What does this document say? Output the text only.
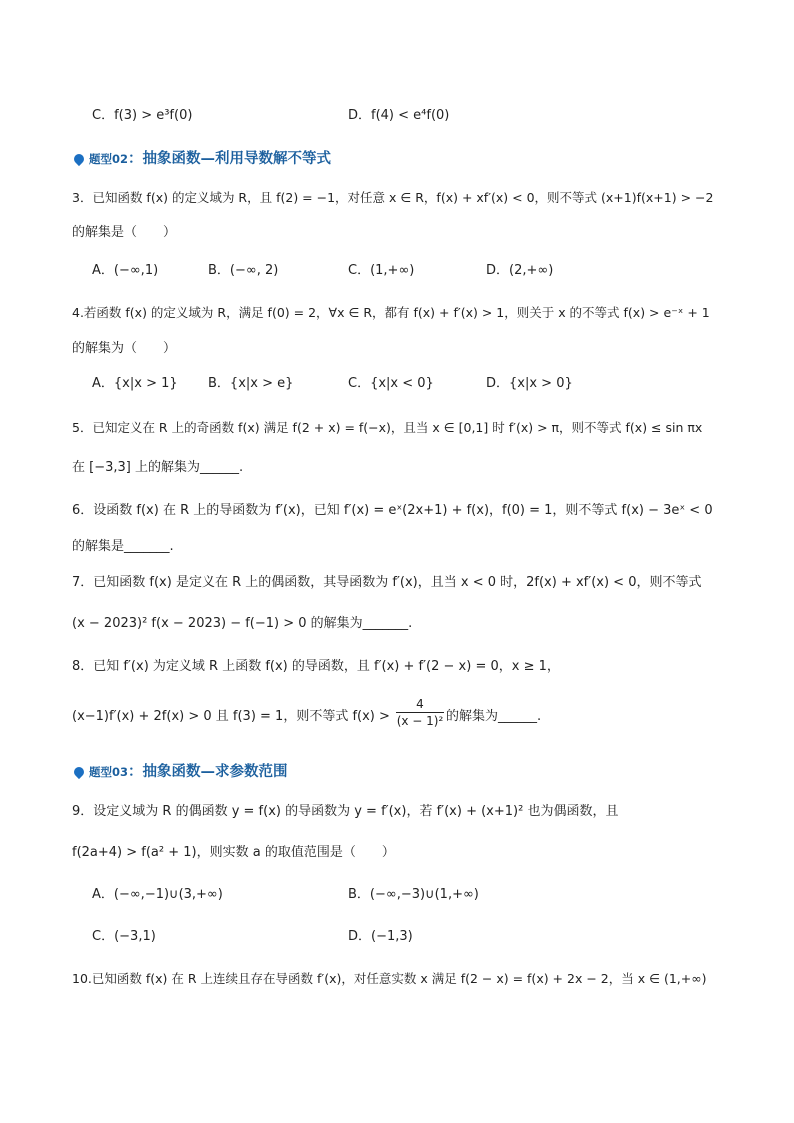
C．f(3) > e³f(0)	D．f(4) < e⁴f(0)
题型02：抽象函数—利用导数解不等式
3．已知函数 f(x) 的定义域为 R，且 f(2) = −1，对任意 x ∈ R，f(x) + xf′(x) < 0，则不等式 (x+1)f(x+1) > −2
的解集是（　　）
A．(−∞,1)	B．(−∞, 2)	C．(1,+∞)	D．(2,+∞)
4.若函数 f(x) 的定义域为 R，满足 f(0) = 2，∀x ∈ R，都有 f(x) + f′(x) > 1，则关于 x 的不等式 f(x) > e⁻ˣ + 1
的解集为（　　）
A．{x|x > 1} B．{x|x > e}	C．{x|x < 0}	D．{x|x > 0}
5．已知定义在 R 上的奇函数 f(x) 满足 f(2 + x) = f(−x)，且当 x ∈ [0,1] 时 f′(x) > π，则不等式 f(x) ≤ sin πx
在 [−3,3] 上的解集为______.
6．设函数 f(x) 在 R 上的导函数为 f′(x)，已知 f′(x) = eˣ(2x+1) + f(x)，f(0) = 1，则不等式 f(x) − 3eˣ < 0
的解集是_______.
7．已知函数 f(x) 是定义在 R 上的偶函数，其导函数为 f′(x)，且当 x < 0 时，2f(x) + xf′(x) < 0，则不等式
(x − 2023)² f(x − 2023) − f(−1) > 0 的解集为_______.
8．已知 f′(x) 为定义域 R 上函数 f(x) 的导函数，且 f′(x) + f′(2 − x) = 0，x ≥ 1，
(x−1)f′(x) + 2f(x) > 0 且 f(3) = 1，则不等式 f(x) >
4
(x − 1)² 的解集为______.
题型03：抽象函数—求参数范围
9．设定义域为 R 的偶函数 y = f(x) 的导函数为 y = f′(x)，若 f′(x) + (x+1)² 也为偶函数，且
f(2a+4) > f(a² + 1)，则实数 a 的取值范围是（　　）
A．(−∞,−1)∪(3,+∞)	B．(−∞,−3)∪(1,+∞)
C．(−3,1)	D．(−1,3)
10.已知函数 f(x) 在 R 上连续且存在导函数 f′(x)，对任意实数 x 满足 f(2 − x) = f(x) + 2x − 2，当 x ∈ (1,+∞)
